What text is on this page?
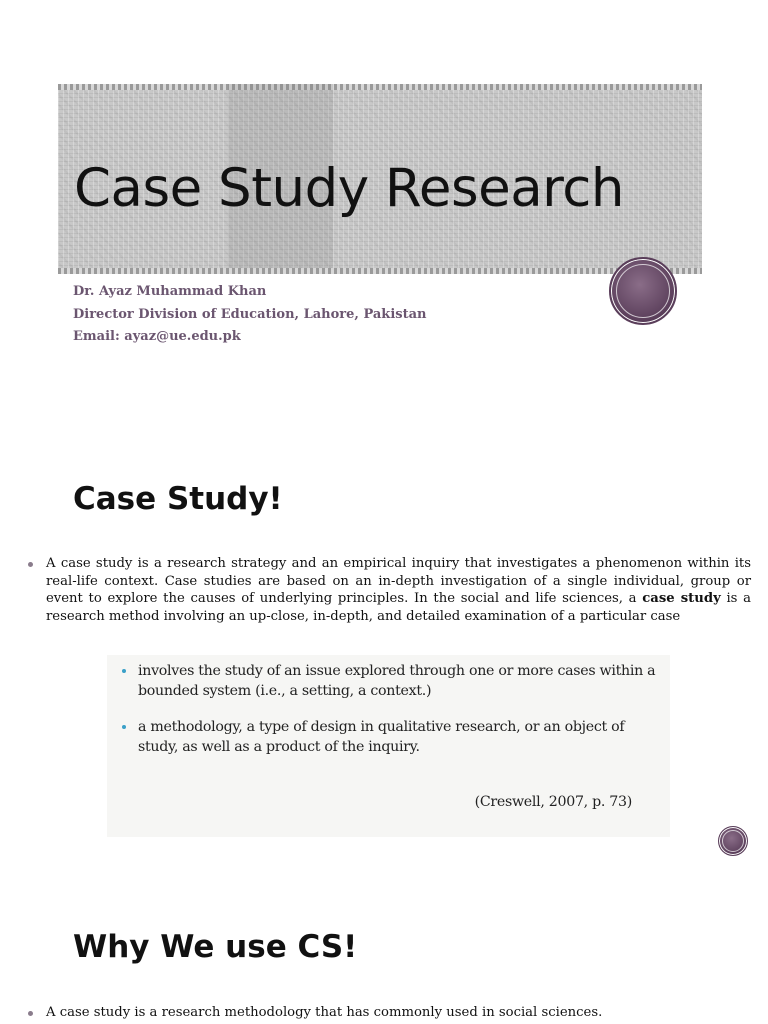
Case Study Research
Dr. Ayaz Muhammad Khan
Director Division of Education, Lahore, Pakistan
Email: ayaz@ue.edu.pk
Case Study!

A case study is a research strategy and an empirical inquiry that investigates a phenomenon within its real-life context. Case studies are based on an in-depth investigation of a single individual, group or event to explore the causes of underlying principles. In the social and life sciences, a case study is a research method involving an up-close, in-depth, and detailed examination of a particular case

involves the study of an issue explored through one or more cases within a bounded system (i.e., a setting, a context.)
a methodology, a type of design in qualitative research, or an object of study, as well as a product of the inquiry.
(Creswell, 2007, p. 73)
Why We use CS!

A case study is a research methodology that has commonly used in social sciences.
